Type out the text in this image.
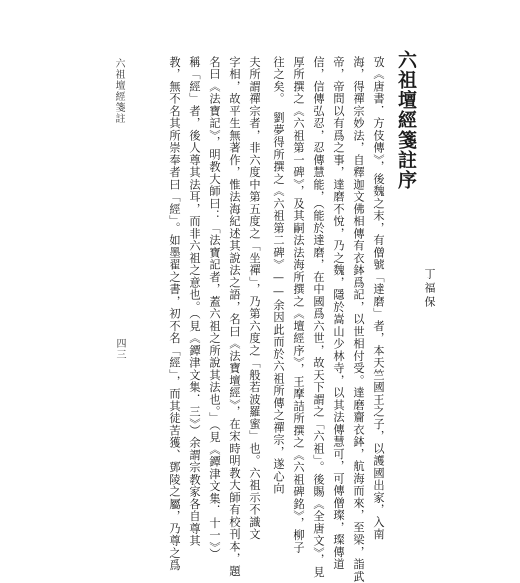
六祖壇經箋註序
丁福保
攷《唐書．方伎傳》，後魏之末，有僧號「達磨」者，本天竺國王之子，以護國出家，入南
海，得禪宗妙法，自釋迦文佛相傳有衣鉢爲記，以世相付受。達磨齎衣鉢，航海而來，至梁，詣武
帝，帝問以有爲之事，達磨不悅，乃之魏，隱於嵩山少林寺，以其法傳慧可，可傳僧璨，璨傳道
信，信傳弘忍，忍傳慧能，（能於達磨，在中國爲六世，故天下謂之「六祖」。後賜《全唐文》，見
厚所撰之《六祖第一碑》，及其嗣法法海所撰之《壇經序》，王摩詰所撰之《六祖碑銘》，柳子
往之矣。　劉夢得所撰之《六祖第二碑》——余因此而於六祖所傳之禪宗，遂心向
夫所謂禪宗者，非六度中第五度之「坐禪」，乃第六度之「般若波羅蜜」也。六祖示不識文
字相，故平生無著作，惟法海紀述其說法之語，名曰《法寶壇經》，在宋時明教大師有校刊本，題
名曰《法寶記》，明教大師曰：「法寶記者，蓋六祖之所說其法也。」（見《鐔津文集．十一》）
稱「經」者，後人尊其法耳，而非六祖之意也。（見《鐔津文集．三》）余謂宗教家各自尊其
教，無不名其所崇奉者曰「經」。如墨翟之書，初不名「經」，而其徒苦獲、鄧陵之屬，乃尊之爲
六祖壇經箋註
四三
